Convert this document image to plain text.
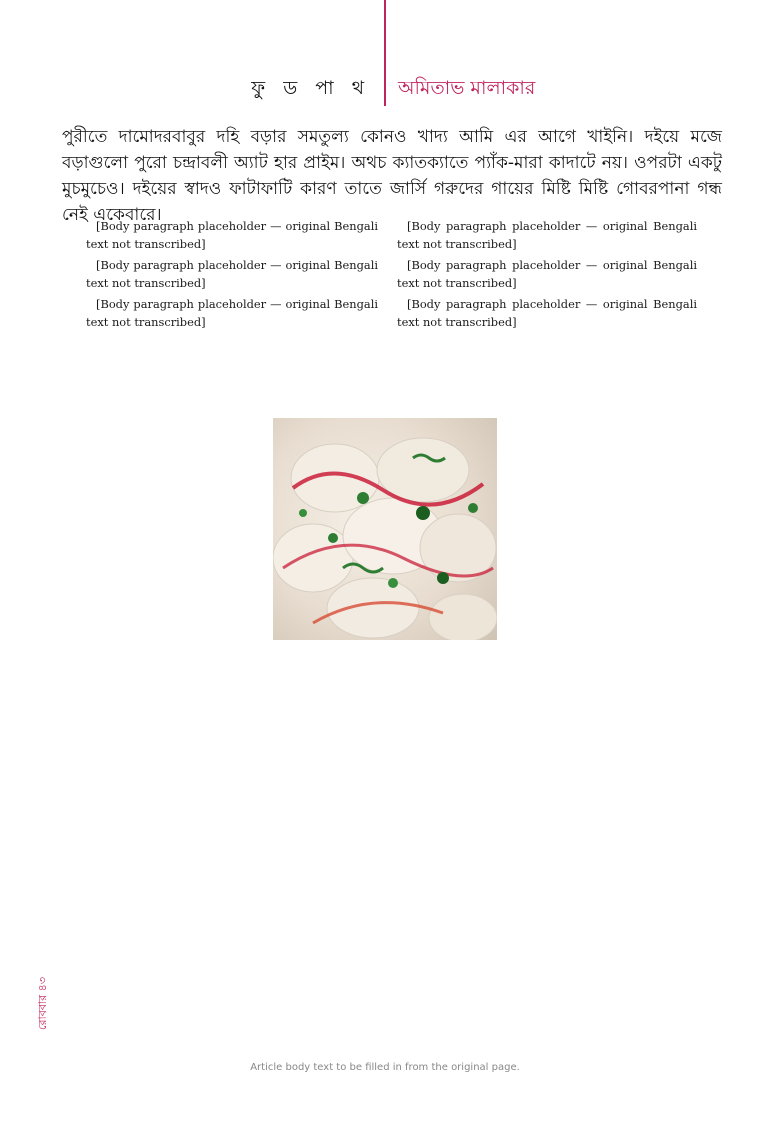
ফু ড পা থ অমিতাভ মালাকার
পুরীতে দামোদরবাবুর দহি বড়ার সমতুল্য কোনও খাদ্য আমি এর আগে খাইনি। দইয়ে মজে বড়াগুলো পুরো চন্দ্রাবলী অ্যাট হার প্রাইম। অথচ ক্যাতক্যাতে প্যাঁক-মারা কাদাটে নয়। ওপরটা একটু মুচমুচেও। দইয়ের স্বাদও ফাটাফাটি কারণ তাতে জার্সি গরুদের গায়ের মিষ্টি মিষ্টি গোবরপানা গন্ধ নেই একেবারে।

[Body paragraph placeholder — original Bengali text not transcribed]

[Body paragraph placeholder — original Bengali text not transcribed]

[Body paragraph placeholder — original Bengali text not transcribed]

[Body paragraph placeholder — original Bengali text not transcribed]

[Body paragraph placeholder — original Bengali text not transcribed]

[Body paragraph placeholder — original Bengali text not transcribed]

Article body text to be filled in from the original page.
রোববার ৪৩
